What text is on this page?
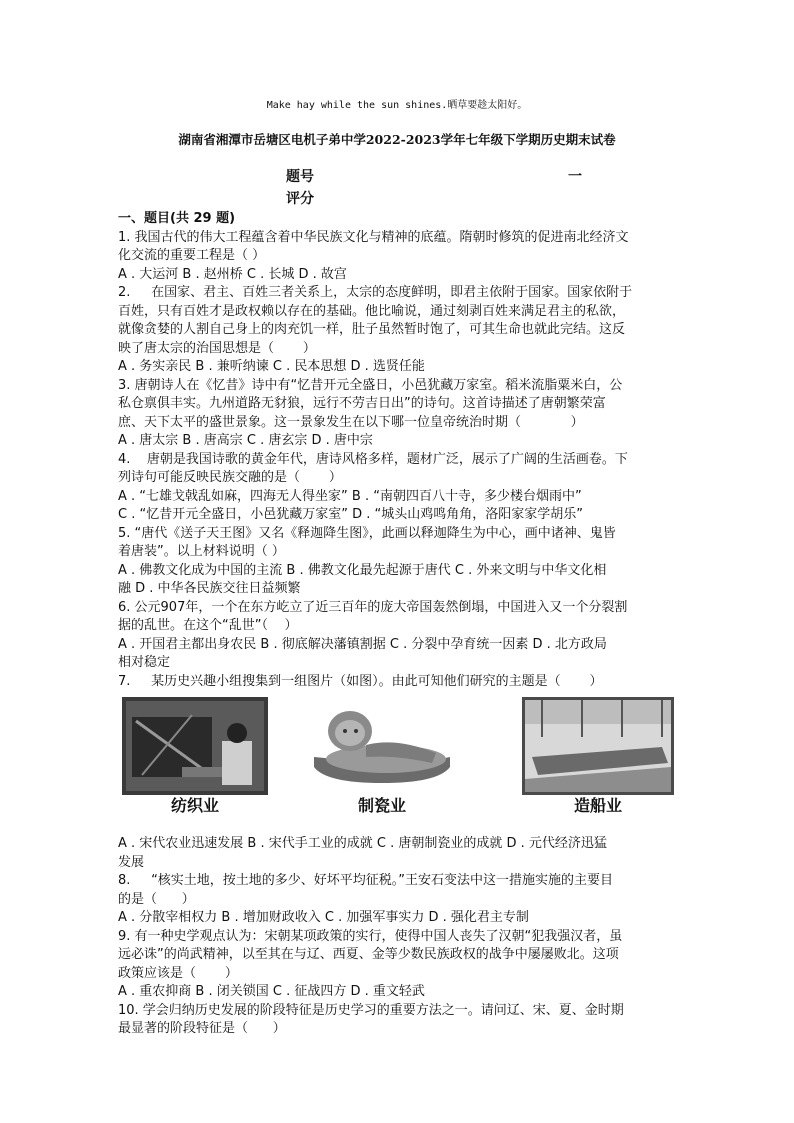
Make hay while the sun shines.晒草要趁太阳好。
湖南省湘潭市岳塘区电机子弟中学2022-2023学年七年级下学期历史期末试卷
题号	一
评分

一、题目(共 29 题)

1. 我国古代的伟大工程蕴含着中华民族文化与精神的底蕴。隋朝时修筑的促进南北经济文

化交流的重要工程是（ ）

A . 大运河 B . 赵州桥 C . 长城 D . 故宫

2.     在国家、君主、百姓三者关系上，太宗的态度鲜明，即君主依附于国家。国家依附于

百姓，只有百姓才是政权赖以存在的基础。他比喻说，通过刻剥百姓来满足君主的私欲，

就像贪婪的人割自己身上的肉充饥一样，肚子虽然暂时饱了，可其生命也就此完结。这反

映了唐太宗的治国思想是（       ）

A . 务实亲民 B . 兼听纳谏 C . 民本思想 D . 选贤任能

3. 唐朝诗人在《忆昔》诗中有“忆昔开元全盛日，小邑犹藏万家室。稻米流脂粟米白，公

私仓禀俱丰实。九州道路无豺狼，远行不劳吉日出”的诗句。这首诗描述了唐朝繁荣富

庶、天下太平的盛世景象。这一景象发生在以下哪一位皇帝统治时期（            ）

A . 唐太宗 B . 唐高宗 C . 唐玄宗 D . 唐中宗

4.    唐朝是我国诗歌的黄金年代，唐诗风格多样，题材广泛，展示了广阔的生活画卷。下

列诗句可能反映民族交融的是（       ）

A . “七雄戈戟乱如麻，四海无人得坐家” B . “南朝四百八十寺，多少楼台烟雨中”

C . “忆昔开元全盛日，小邑犹藏万家室” D . “城头山鸡鸣角角，洛阳家家学胡乐”

5. “唐代《送子天王图》又名《释迦降生图》，此画以释迦降生为中心，画中诸神、鬼皆

着唐装”。以上材料说明（ ）

A . 佛教文化成为中国的主流 B . 佛教文化最先起源于唐代 C . 外来文明与中华文化相

融 D . 中华各民族交往日益频繁

6. 公元907年，一个在东方屹立了近三百年的庞大帝国轰然倒塌，中国进入又一个分裂割

据的乱世。在这个“乱世”（    ）

A . 开国君主都出身农民 B . 彻底解决藩镇割据 C . 分裂中孕育统一因素 D . 北方政局

相对稳定

7.     某历史兴趣小组搜集到一组图片（如图）。由此可知他们研究的主题是（       ）

纺织业	制瓷业	造船业

A . 宋代农业迅速发展 B . 宋代手工业的成就 C . 唐朝制瓷业的成就 D . 元代经济迅猛

发展

8.     “核实土地，按土地的多少、好坏平均征税。”王安石变法中这一措施实施的主要目

的是（      ）

A . 分散宰相权力 B . 增加财政收入 C . 加强军事实力 D . 强化君主专制

9. 有一种史学观点认为：宋朝某项政策的实行，使得中国人丧失了汉朝“犯我强汉者，虽

远必诛”的尚武精神，以至其在与辽、西夏、金等少数民族政权的战争中屡屡败北。这项

政策应该是（       ）

A . 重农抑商 B . 闭关锁国 C . 征战四方 D . 重文轻武

10. 学会归纳历史发展的阶段特征是历史学习的重要方法之一。请问辽、宋、夏、金时期

最显著的阶段特征是（      ）
